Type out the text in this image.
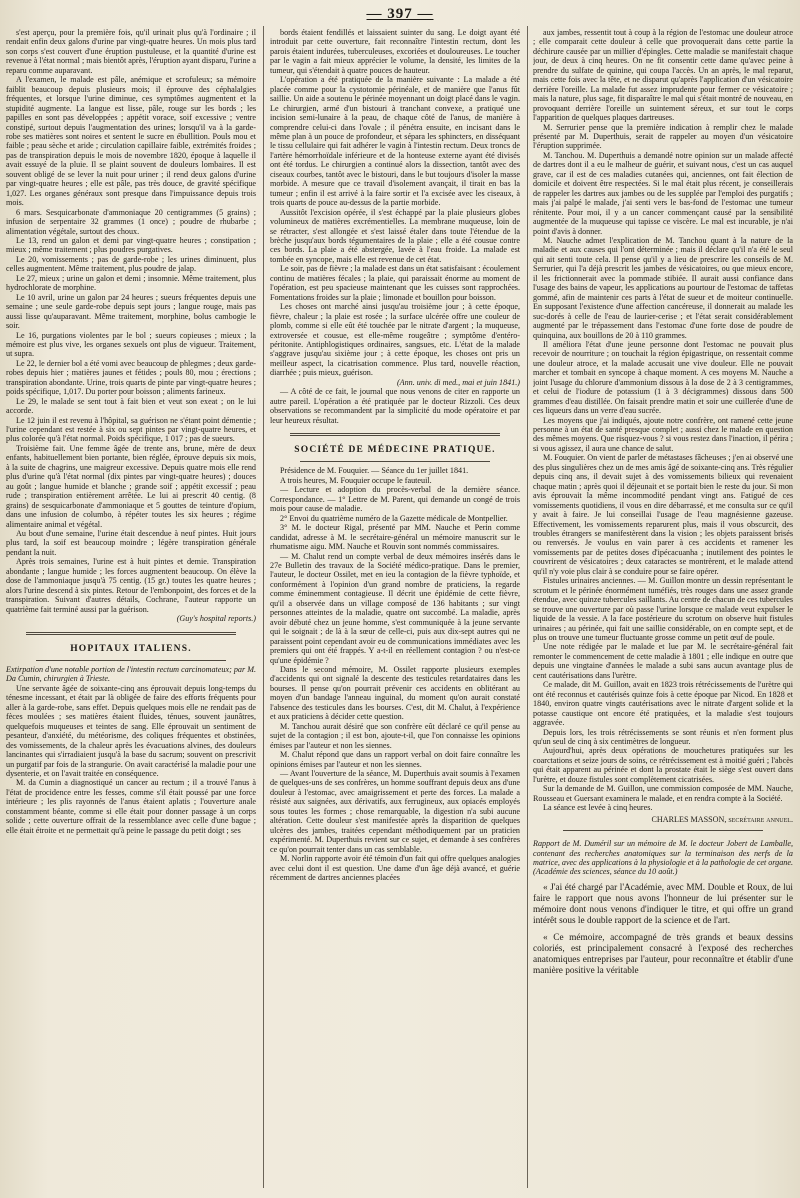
— 397 —

s'est aperçu, pour la première fois, qu'il urinait plus qu'à l'ordinaire ; il rendait enfin deux galons d'urine par vingt-quatre heures. Un mois plus tard son corps s'est couvert d'une éruption pustuleuse, et la quantité d'urine est revenue à l'état normal ; mais bientôt après, l'éruption ayant disparu, l'urine a reparu comme auparavant.

A l'examen, le malade est pâle, anémique et scrofuleux; sa mémoire faiblit beaucoup depuis plusieurs mois; il éprouve des céphalalgies fréquentes, et lorsque l'urine diminue, ces symptômes augmentent et la stupidité augmente. La langue est lisse, pâle, rouge sur les bords ; les papilles en sont pas développées ; appétit vorace, soif excessive ; ventre constipé, surtout depuis l'augmentation des urines; lorsqu'il va à la garde-robe ses matières sont noires et sentent le sucre en ébullition. Pouls mou et faible ; peau sèche et aride ; circulation capillaire faible, extrémités froides ; pas de transpiration depuis le mois de novembre 1820, époque à laquelle il avait essuyé de la pluie. Il se plaint souvent de douleurs lombaires. Il est souvent obligé de se lever la nuit pour uriner ; il rend deux galons d'urine par vingt-quatre heures ; elle est pâle, pas très douce, de gravité spécifique 1,027. Les organes généraux sont presque dans l'impuissance depuis trois mois.

6 mars. Sesquicarbonate d'ammoniaque 20 centigrammes (5 grains) ; infusion de serpentaire 32 grammes (1 once) ; poudre de rhubarbe ; alimentation végétale, surtout des choux.

Le 13, rend un galon et demi par vingt-quatre heures ; constipation ; mieux ; même traitement ; plus poudres purgatives.

Le 20, vomissements ; pas de garde-robe ; les urines diminuent, plus celles augmentent. Même traitement, plus poudre de jalap.

Le 27, mieux ; urine un galon et demi ; insomnie. Même traitement, plus hydrochlorate de morphine.

Le 10 avril, urine un galon par 24 heures ; sueurs fréquentes depuis une semaine ; une seule garde-robe depuis sept jours ; langue rouge, mais pas aussi lisse qu'auparavant. Même traitement, morphine, bolus cambogie le soir.

Le 16, purgations violentes par le bol ; sueurs copieuses ; mieux ; la mémoire est plus vive, les organes sexuels ont plus de vigueur. Traitement, ut supra.

Le 22, le dernier bol a été vomi avec beaucoup de phlegmes ; deux garde-robes depuis hier ; matières jaunes et fétides ; pouls 80, mou ; érections ; transpiration abondante. Urine, trois quarts de pinte par vingt-quatre heures ; poids spécifique, 1,017. Du porter pour boisson ; aliments farineux.

Le 29, le malade se sent tout à fait bien et veut son exeat ; on le lui accorde.

Le 12 juin il est revenu à l'hôpital, sa guérison ne s'étant point démentie ; l'urine cependant est restée à six ou sept pintes par vingt-quatre heures, et plus colorée qu'à l'état normal. Poids spécifique, 1 017 ; pas de sueurs.

Troisième fait. Une femme âgée de trente ans, brune, mère de deux enfants, habituellement bien portante, bien réglée, éprouve depuis six mois, à la suite de chagrins, une maigreur excessive. Depuis quatre mois elle rend plus d'urine qu'à l'état normal (dix pintes par vingt-quatre heures) ; douces au goût ; langue humide et blanche ; grande soif ; appétit excessif ; peau rude ; transpiration entièrement arrêtée. Le lui ai prescrit 40 centig. (8 grains) de sesquicarbonate d'ammoniaque et 5 gouttes de teinture d'opium, dans une infusion de columbo, à répéter toutes les six heures ; régime alimentaire animal et végétal.

Au bout d'une semaine, l'urine était descendue à neuf pintes. Huit jours plus tard, la soif est beaucoup moindre ; légère transpiration générale pendant la nuit.

Après trois semaines, l'urine est à huit pintes et demie. Transpiration abondante ; langue humide ; les forces augmentent beaucoup. On élève la dose de l'ammoniaque jusqu'à 75 centig. (15 gr.) toutes les quatre heures ; alors l'urine descend à six pintes. Retour de l'embonpoint, des forces et de la transpiration. Suivant d'autres détails, Cochrane, l'auteur rapporte un quatrième fait terminé aussi par la guérison.

(Guy's hospital reports.)

HOPITAUX ITALIENS.

Extirpation d'une notable portion de l'intestin rectum carcinomateux; par M. Da Cumin, chirurgien à Trieste.

Une servante âgée de soixante-cinq ans éprouvait depuis long-temps du ténesme incessant, et était par là obligée de faire des efforts fréquents pour aller à la garde-robe, sans effet. Depuis quelques mois elle ne rendait pas de fèces moulées ; ses matières étaient fluides, ténues, souvent jaunâtres, quelquefois muqueuses et teintes de sang. Elle éprouvait un sentiment de pesanteur, d'anxiété, du météorisme, des coliques fréquentes et obstinées, des vomissements, de la chaleur après les évacuations alvines, des douleurs lancinantes qui s'irradiaient jusqu'à la base du sacrum; souvent on prescrivit un purgatif par fois de la strangurie. On avait caractérisé la maladie pour une dysenterie, et on l'avait traitée en conséquence.

M. da Cumin a diagnostiqué un cancer au rectum ; il a trouvé l'anus à l'état de procidence entre les fesses, comme s'il était poussé par une force intérieure ; les plis rayonnés de l'anus étaient aplatis ; l'ouverture anale constamment béante, comme si elle était pour donner passage à un corps solide ; cette ouverture offrait de la ressemblance avec celle d'une bague ; elle était étroite et ne permettait qu'à peine le passage du petit doigt ; ses

bords étaient fendillés et laissaient suinter du sang. Le doigt ayant été introduit par cette ouverture, fait reconnaître l'intestin rectum, dont les parois étaient indurées, tuberculeuses, excoriées et douloureuses. Le toucher par le vagin a fait mieux apprécier le volume, la densité, les limites de la tumeur, qui s'étendait à quatre pouces de hauteur.

L'opération a été pratiquée de la manière suivante : La malade a été placée comme pour la cystotomie périnéale, et de manière que l'anus fût saillie. Un aide a soutenu le périnée moyennant un doigt placé dans le vagin. Le chirurgien, armé d'un bistouri à tranchant convexe, a pratiqué une incision semi-lunaire à la peau, de chaque côté de l'anus, de manière à comprendre celui-ci dans l'ovale ; il pénétra ensuite, en incisant dans le même plan à un pouce de profondeur, et sépara les sphincters, en disséquant le tissu cellulaire qui fait adhérer le vagin à l'intestin rectum. Deux troncs de l'artère hémorrhoïdale inférieure et de la honteuse externe ayant été divisés ont été tordus. Le chirurgien a continué alors la dissection, tantôt avec des ciseaux courbes, tantôt avec le bistouri, dans le but toujours d'isoler la masse morbide. A mesure que ce travail d'isolement avançait, il tirait en bas la tumeur ; enfin il est arrivé à la faire sortir et l'a excisée avec les ciseaux, à trois quarts de pouce au-dessus de la partie morbide.

Aussitôt l'excision opérée, il s'est échappé par la plaie plusieurs globes volumineux de matières excrémentielles. La membrane muqueuse, loin de se rétracter, s'est allongée et s'est laissé étaler dans toute l'étendue de la brèche jusqu'aux bords tégumentaires de la plaie ; elle a été cousue contre ces bords. La plaie a été abstergée, lavée à l'eau froide. La malade est tombée en syncope, mais elle est revenue de cet état.

Le soir, pas de fièvre ; la malade est dans un état satisfaisant : écoulement continu de matières fécales ; la plaie, qui paraissait énorme au moment de l'opération, est peu spacieuse maintenant que les cuisses sont rapprochées. Fomentations froides sur la plaie ; limonade et bouillon pour boisson.

Les choses ont marché ainsi jusqu'au troisième jour ; à cette époque, fièvre, chaleur ; la plaie est rosée ; la surface ulcérée offre une couleur de plomb, comme si elle eût été touchée par le nitrate d'argent ; la muqueuse, extroversée et cousue, est elle-même rougeâtre ; symptôme d'entéro-péritonite. Antiphlogistiques ordinaires, sangsues, etc. L'état de la malade s'aggrave jusqu'au sixième jour ; à cette époque, les choses ont pris un meilleur aspect, la cicatrisation commence. Plus tard, nouvelle réaction, diarrhée ; puis mieux, guérison.

(Ann. univ. di med., mai et juin 1841.)

— A côté de ce fait, le journal que nous venons de citer en rapporte un autre pareil. L'opération a été pratiquée par le docteur Rizzoli. Ces deux observations se recommandent par la simplicité du mode opératoire et par leur heureux résultat.

SOCIÉTÉ DE MÉDECINE PRATIQUE.

Présidence de M. Fouquier. — Séance du 1er juillet 1841.

A trois heures, M. Fouquier occupe le fauteuil.

— Lecture et adoption du procès-verbal de la dernière séance. Correspondance. — 1° Lettre de M. Parent, qui demande un congé de trois mois pour cause de maladie.

2° Envoi du quatrième numéro de la Gazette médicale de Montpellier.

3° M. le docteur Rigal, présenté par MM. Nauche et Perin comme candidat, adresse à M. le secrétaire-général un mémoire manuscrit sur le rhumatisme aigu. MM. Nauche et Rouvin sont nommés commissaires.

— M. Chalut rend un compte verbal de deux mémoires insérés dans le 27e Bulletin des travaux de la Société médico-pratique. Dans le premier, l'auteur, le docteur Ossilet, met en ieu la contagion de la fièvre typhoïde, et conformément à l'opinion d'un grand nombre de praticiens, la regarde comme éminemment contagieuse. Il décrit une épidémie de cette fièvre, qu'il a observée dans un village composé de 136 habitants ; sur vingt personnes atteintes de la maladie, quatre ont succombé. La maladie, après avoir débuté chez un jeune homme, s'est communiquée à la jeune servante qui le soignait ; de là à la sœur de celle-ci, puis aux dix-sept autres qui ne paraissent point cependant avoir eu de communications immédiates avec les premiers qui ont été frappés. Y a-t-il en réellement contagion ? ou n'est-ce qu'une épidémie ?

Dans le second mémoire, M. Ossilet rapporte plusieurs exemples d'accidents qui ont signalé la descente des testicules retardataires dans les bourses. Il pense qu'on pourrait prévenir ces accidents en oblitérant au moyen d'un bandage l'anneau inguinal, du moment qu'on aurait constaté l'absence des testicules dans les bourses. C'est, dit M. Chalut, à l'expérience et aux praticiens à décider cette question.

M. Tanchou aurait désiré que son confrère eût déclaré ce qu'il pense au sujet de la contagion ; il est bon, ajoute-t-il, que l'on connaisse les opinions émises par l'auteur et non les siennes.

M. Chalut répond que dans un rapport verbal on doit faire connaître les opinions émises par l'auteur et non les siennes.

— Avant l'ouverture de la séance, M. Duperthuis avait soumis à l'examen de quelques-uns de ses confrères, un homme souffrant depuis deux ans d'une douleur à l'estomac, avec amaigrissement et perte des forces. La malade a résisté aux saignées, aux dérivatifs, aux ferrugineux, aux opiacés employés sous toutes les formes ; chose remarquable, la digestion n'a subi aucune altération. Cette douleur s'est manifestée après la disparition de quelques ulcères des jambes, traitées cependant méthodiquement par un praticien expérimenté. M. Duperthuis revient sur ce sujet, et demande à ses confrères ce qu'on pourrait tenter dans un cas semblable.

M. Norlin rapporte avoir été témoin d'un fait qui offre quelques analogies avec celui dont il est question. Une dame d'un âge déjà avancé, et guérie récemment de dartres anciennes placées

aux jambes, ressentit tout à coup à la région de l'estomac une douleur atroce ; elle comparait cette douleur à celle que provoquerait dans cette partie la déchirure causée par un millier d'épingles. Cette maladie se manifestait chaque jour, de deux à cinq heures. On ne fit consentir cette dame qu'avec peine à prendre du sulfate de quinine, qui coupa l'accès. Un an après, le mal reparut, mais cette fois avec la tête, et ne disparut qu'après l'application d'un vésicatoire derrière l'oreille. La malade fut assez imprudente pour fermer ce vésicatoire ; mais la nature, plus sage, fit disparaître le mal qui s'était montré de nouveau, en provoquant derrière l'oreille un suintement séreux, et sur tout le corps l'apparition de quelques plaques dartreuses.

M. Serrurier pense que la première indication à remplir chez le malade présenté par M. Duperthuis, serait de rappeler au moyen d'un vésicatoire l'éruption supprimée.

M. Tanchou. M. Duperthuis a demandé notre opinion sur un malade affecté de dartres dont il a eu le malheur de guérir, et suivant nous, c'est un cas auquel grave, car il est de ces maladies cutanées qui, anciennes, ont fait élection de domicile et doivent être respectées. Si le mal était plus récent, je conseillerais de rappeler les dartres aux jambes ou de les supplée par l'emploi des purgatifs ; mais j'ai palpé le malade, j'ai senti vers le bas-fond de l'estomac une tumeur rénitente. Pour moi, il y a un cancer commençant causé par la sensibilité augmentée de la muqueuse qui tapisse ce viscère. Le mal est incurable, je n'ai point d'avis à donner.

M. Nauche admet l'explication de M. Tanchou quant à la nature de la maladie et aux causes qui l'ont déterminée ; mais il déclare qu'il n'a été le seul qui ait senti toute cela. Il pense qu'il y a lieu de prescrire les conseils de M. Serrurier, qui l'a déjà prescrit les jambes de vésicatoires, ou que mieux encore, il les frictionnerait avec la pommade stibiée. Il aurait aussi confiance dans l'usage des bains de vapeur, les applications au pourtour de l'estomac de taffetas gommé, afin de maintenir ces parts à l'état de sueur et de moiteur continuelle. En supposant l'existence d'une affection cancéreuse, il donnerait au malade les suc-dorés à celle de l'eau de laurier-cerise ; et l'état serait considérablement augmenté par le trépassement dans l'estomac d'une forte dose de poudre de quinquina, aux bouillons de 20 à 110 grammes.

Il améliora l'état d'une jeune personne dont l'estomac ne pouvait plus recevoir de nourriture ; on touchait la région épigastrique, on ressentait comme une douleur atroce, et la malade accusait une vive douleur. Elle ne pouvait marcher et tombait en syncope à chaque moment. A ces moyens M. Nauche a joint l'usage du chlorure d'ammonium dissous à la dose de 2 à 3 centigrammes, et celui de l'iodure de potassium (1 à 3 décigrammes) dissous dans 500 grammes d'eau distillée. On faisait prendre matin et soir une cuillerée d'une de ces liqueurs dans un verre d'eau sucrée.

Les moyens que j'ai indiqués, ajoute notre confrère, ont ramené cette jeune personne à un état de santé presque complet ; aussi chez le malade en question des mêmes moyens. Que risquez-vous ? si vous restez dans l'inaction, il périra ; si vous agissez, il aura une chance de salut.

M. Fouquier. On vient de parler de métastases fâcheuses ; j'en ai observé une des plus singulières chez un de mes amis âgé de soixante-cinq ans. Très régulier depuis cinq ans, il devait sujet à des vomissements bilieux qui revenaient chaque matin ; après quoi il déjeunait et se portait bien le reste du jour. Si mon avis éprouvait la même incommodité pendant vingt ans. Fatigué de ces vomissements quotidiens, il vous en dire débarrassé, et me consulta sur ce qu'il y avait à faire. Je lui conseillai l'usage de l'eau magnésienne gazeuse. Effectivement, les vomissements reparurent plus, mais il vous obscurcit, des troubles étrangers se manifestèrent dans la vision ; les objets paraissent brisés ou renversés. Je voulus en vain parer à ces accidents et ramener les vomissements par de petites doses d'ipécacuanha ; inutilement des pointes le couvrirent de vésicatoires ; deux cataractes se montrèrent, et le malade attend qu'il n'y voie plus clair à se conduire pour se faire opérer.

Fistules urinaires anciennes. — M. Guillon montre un dessin représentant le scrotum et le périnée énormément tuméfiés, très rouges dans une assez grande étendue, avec quinze tubercules saillants. Au centre de chacun de ces tubercules se trouve une ouverture par où passe l'urine lorsque ce malade veut expulser le liquide de la vessie. A la face postérieure du scrotum on observe huit fistules urinaires ; au périnée, qui fait une saillie considérable, on en compte sept, et de plus on trouve une tumeur fluctuante grosse comme un petit œuf de poule.

Une note rédigée par le malade et lue par M. le secrétaire-général fait remonter le commencement de cette maladie à 1801 ; elle indique en outre que depuis une vingtaine d'années le malade a subi sans aucun avantage plus de cent cautérisations dans l'urètre.

Ce malade, dit M. Guillon, avait en 1823 trois rétrécissements de l'urètre qui ont été reconnus et cautérisés quinze fois à cette époque par Nicod. En 1828 et 1840, environ quatre vingts cautérisations avec le nitrate d'argent solide et la potasse caustique ont encore été pratiquées, et la maladie s'est toujours aggravée.

Depuis lors, les trois rétrécissements se sont réunis et n'en forment plus qu'un seul de cinq à six centimètres de longueur.

Aujourd'hui, après deux opérations de mouchetures pratiquées sur les coarctations et seize jours de soins, ce rétrécissement est à moitié guéri ; l'abcès qui était apparent au périnée et dont la prostate était le siège s'est ouvert dans l'urètre, et douze fistules sont complètement cicatrisées.

Sur la demande de M. Guillon, une commission composée de MM. Nauche, Rousseau et Guersant examinera le malade, et en rendra compte à la Société.

La séance est levée à cinq heures.

CHARLES MASSON, secrétaire annuel.

Rapport de M. Duméril sur un mémoire de M. le docteur Jobert de Lamballe, contenant des recherches anatomiques sur la terminaison des nerfs de la matrice, avec des applications à la physiologie et à la pathologie de cet organe. (Académie des sciences, séance du 10 août.)

« J'ai été chargé par l'Académie, avec MM. Double et Roux, de lui faire le rapport que nous avons l'honneur de lui présenter sur le mémoire dont nous venons d'indiquer le titre, et qui offre un grand intérêt sous le double rapport de la science et de l'art.

« Ce mémoire, accompagné de très grands et beaux dessins coloriés, est principalement consacré à l'exposé des recherches anatomiques entreprises par l'auteur, pour reconnaître et établir d'une manière positive la véritable
